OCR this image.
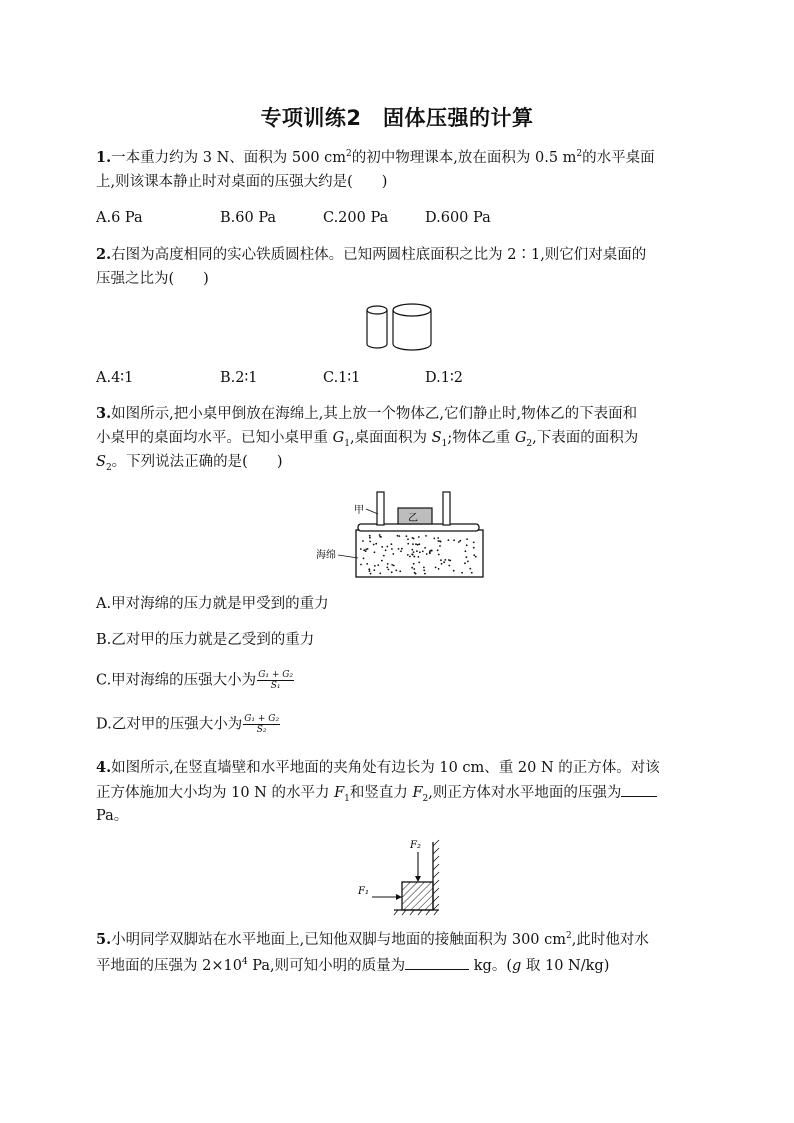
专项训练2　固体压强的计算
1.一本重力约为 3 N、面积为 500 $cm^2$的初中物理课本,放在面积为 0.5 $m^2$的水平桌面
上,则该课本静止时对桌面的压强大约是(　　)
A.6 Pa	B.60 Pa	C.200 Pa	D.600 Pa
2.右图为高度相同的实心铁质圆柱体。已知两圆柱底面积之比为 2∶1,则它们对桌面的
压强之比为(　　)
A.4∶1	B.2∶1	C.1∶1	D.1∶2
3.如图所示,把小桌甲倒放在海绵上,其上放一个物体乙,它们静止时,物体乙的下表面和
小桌甲的桌面均水平。已知小桌甲重 $G_1$,桌面面积为 $S_1$;物体乙重 $G_2$,下表面的面积为
$S_2$。下列说法正确的是(　　)
乙
甲
海绵
A.甲对海绵的压力就是甲受到的重力
B.乙对甲的压力就是乙受到的重力
C.甲对海绵的压强大小为 $\frac{\text{G₁ + G₂}}{\text{S₁}}$
D.乙对甲的压强大小为 $\frac{\text{G₁ + G₂}}{\text{S₂}}$
4.如图所示,在竖直墙壁和水平地面的夹角处有边长为 10 cm、重 20 N 的正方体。对该
正方体施加大小均为 10 N 的水平力 $F_1$和竖直力 $F_2$,则正方体对水平地面的压强为
Pa。
F₁
F₂
5.小明同学双脚站在水平地面上,已知他双脚与地面的接触面积为 300 $cm^2$,此时他对水
平地面的压强为 $2\times 10^4$ Pa,则可知小明的质量为	kg。(g 取 10 N/kg)
